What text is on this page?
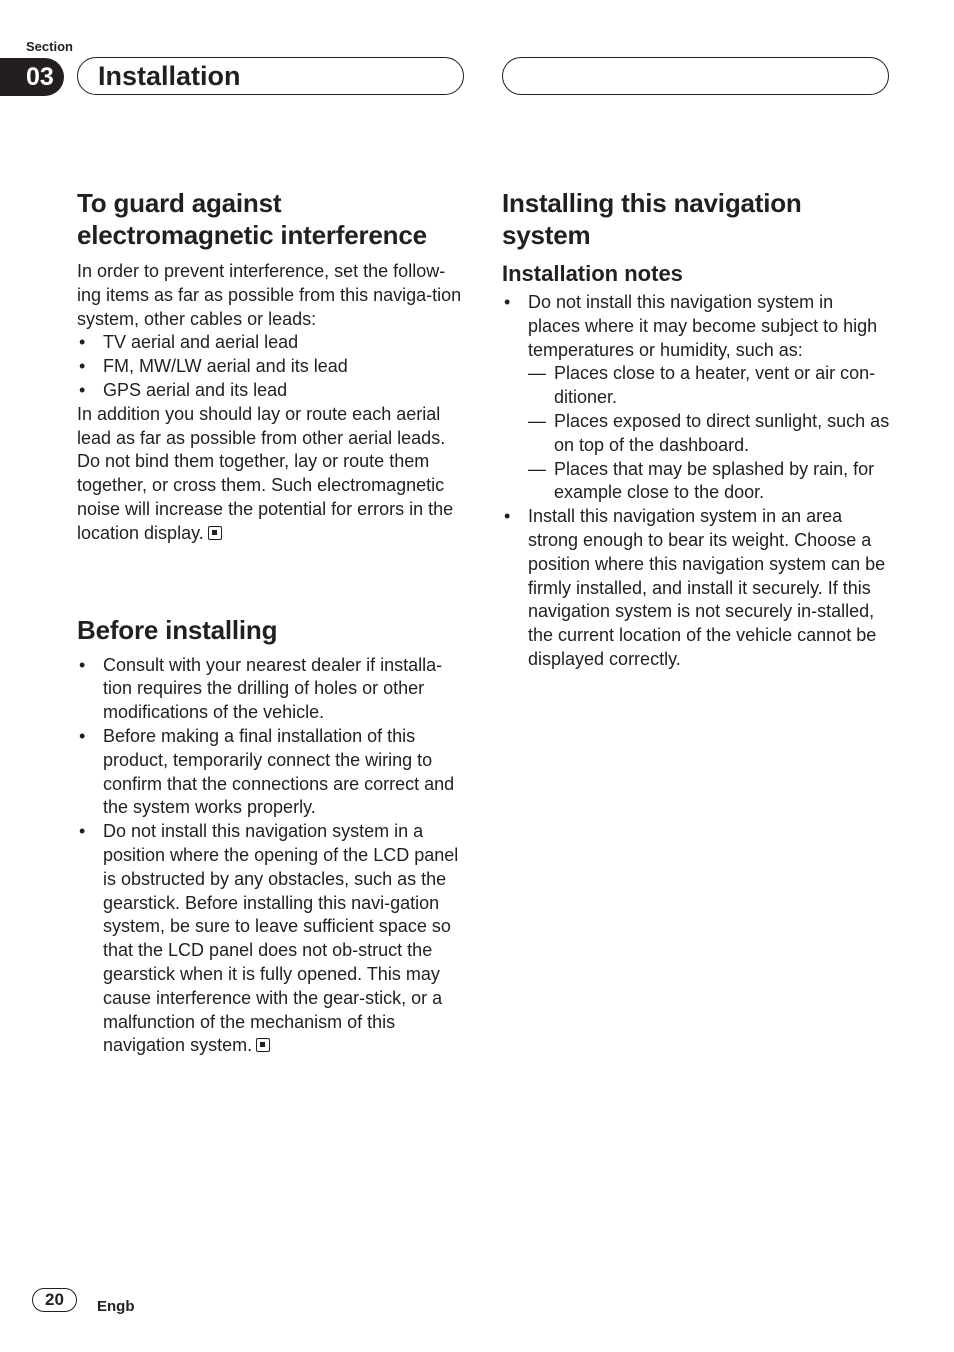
Section
03	Installation
To guard against
electromagnetic interference

In order to prevent interference, set the follow-ing items as far as possible from this naviga-tion system, other cables or leads:

• TV aerial and aerial lead
• FM, MW/LW aerial and its lead
• GPS aerial and its lead

In addition you should lay or route each aerial lead as far as possible from other aerial leads. Do not bind them together, lay or route them together, or cross them. Such electromagnetic noise will increase the potential for errors in the location display.

Before installing
• Consult with your nearest dealer if installa-tion requires the drilling of holes or other modifications of the vehicle.
• Before making a final installation of this product, temporarily connect the wiring to confirm that the connections are correct and the system works properly.
• Do not install this navigation system in a position where the opening of the LCD panel is obstructed by any obstacles, such as the gearstick. Before installing this navi-gation system, be sure to leave sufficient space so that the LCD panel does not ob-struct the gearstick when it is fully opened. This may cause interference with the gear-stick, or a malfunction of the mechanism of this navigation system.
Installing this navigation
system
Installation notes
• Do not install this navigation system in places where it may become subject to high temperatures or humidity, such as:
— Places close to a heater, vent or air con-ditioner.
— Places exposed to direct sunlight, such as on top of the dashboard.
— Places that may be splashed by rain, for example close to the door.
• Install this navigation system in an area strong enough to bear its weight. Choose a position where this navigation system can be firmly installed, and install it securely. If this navigation system is not securely in-stalled, the current location of the vehicle cannot be displayed correctly.
20	Engb
